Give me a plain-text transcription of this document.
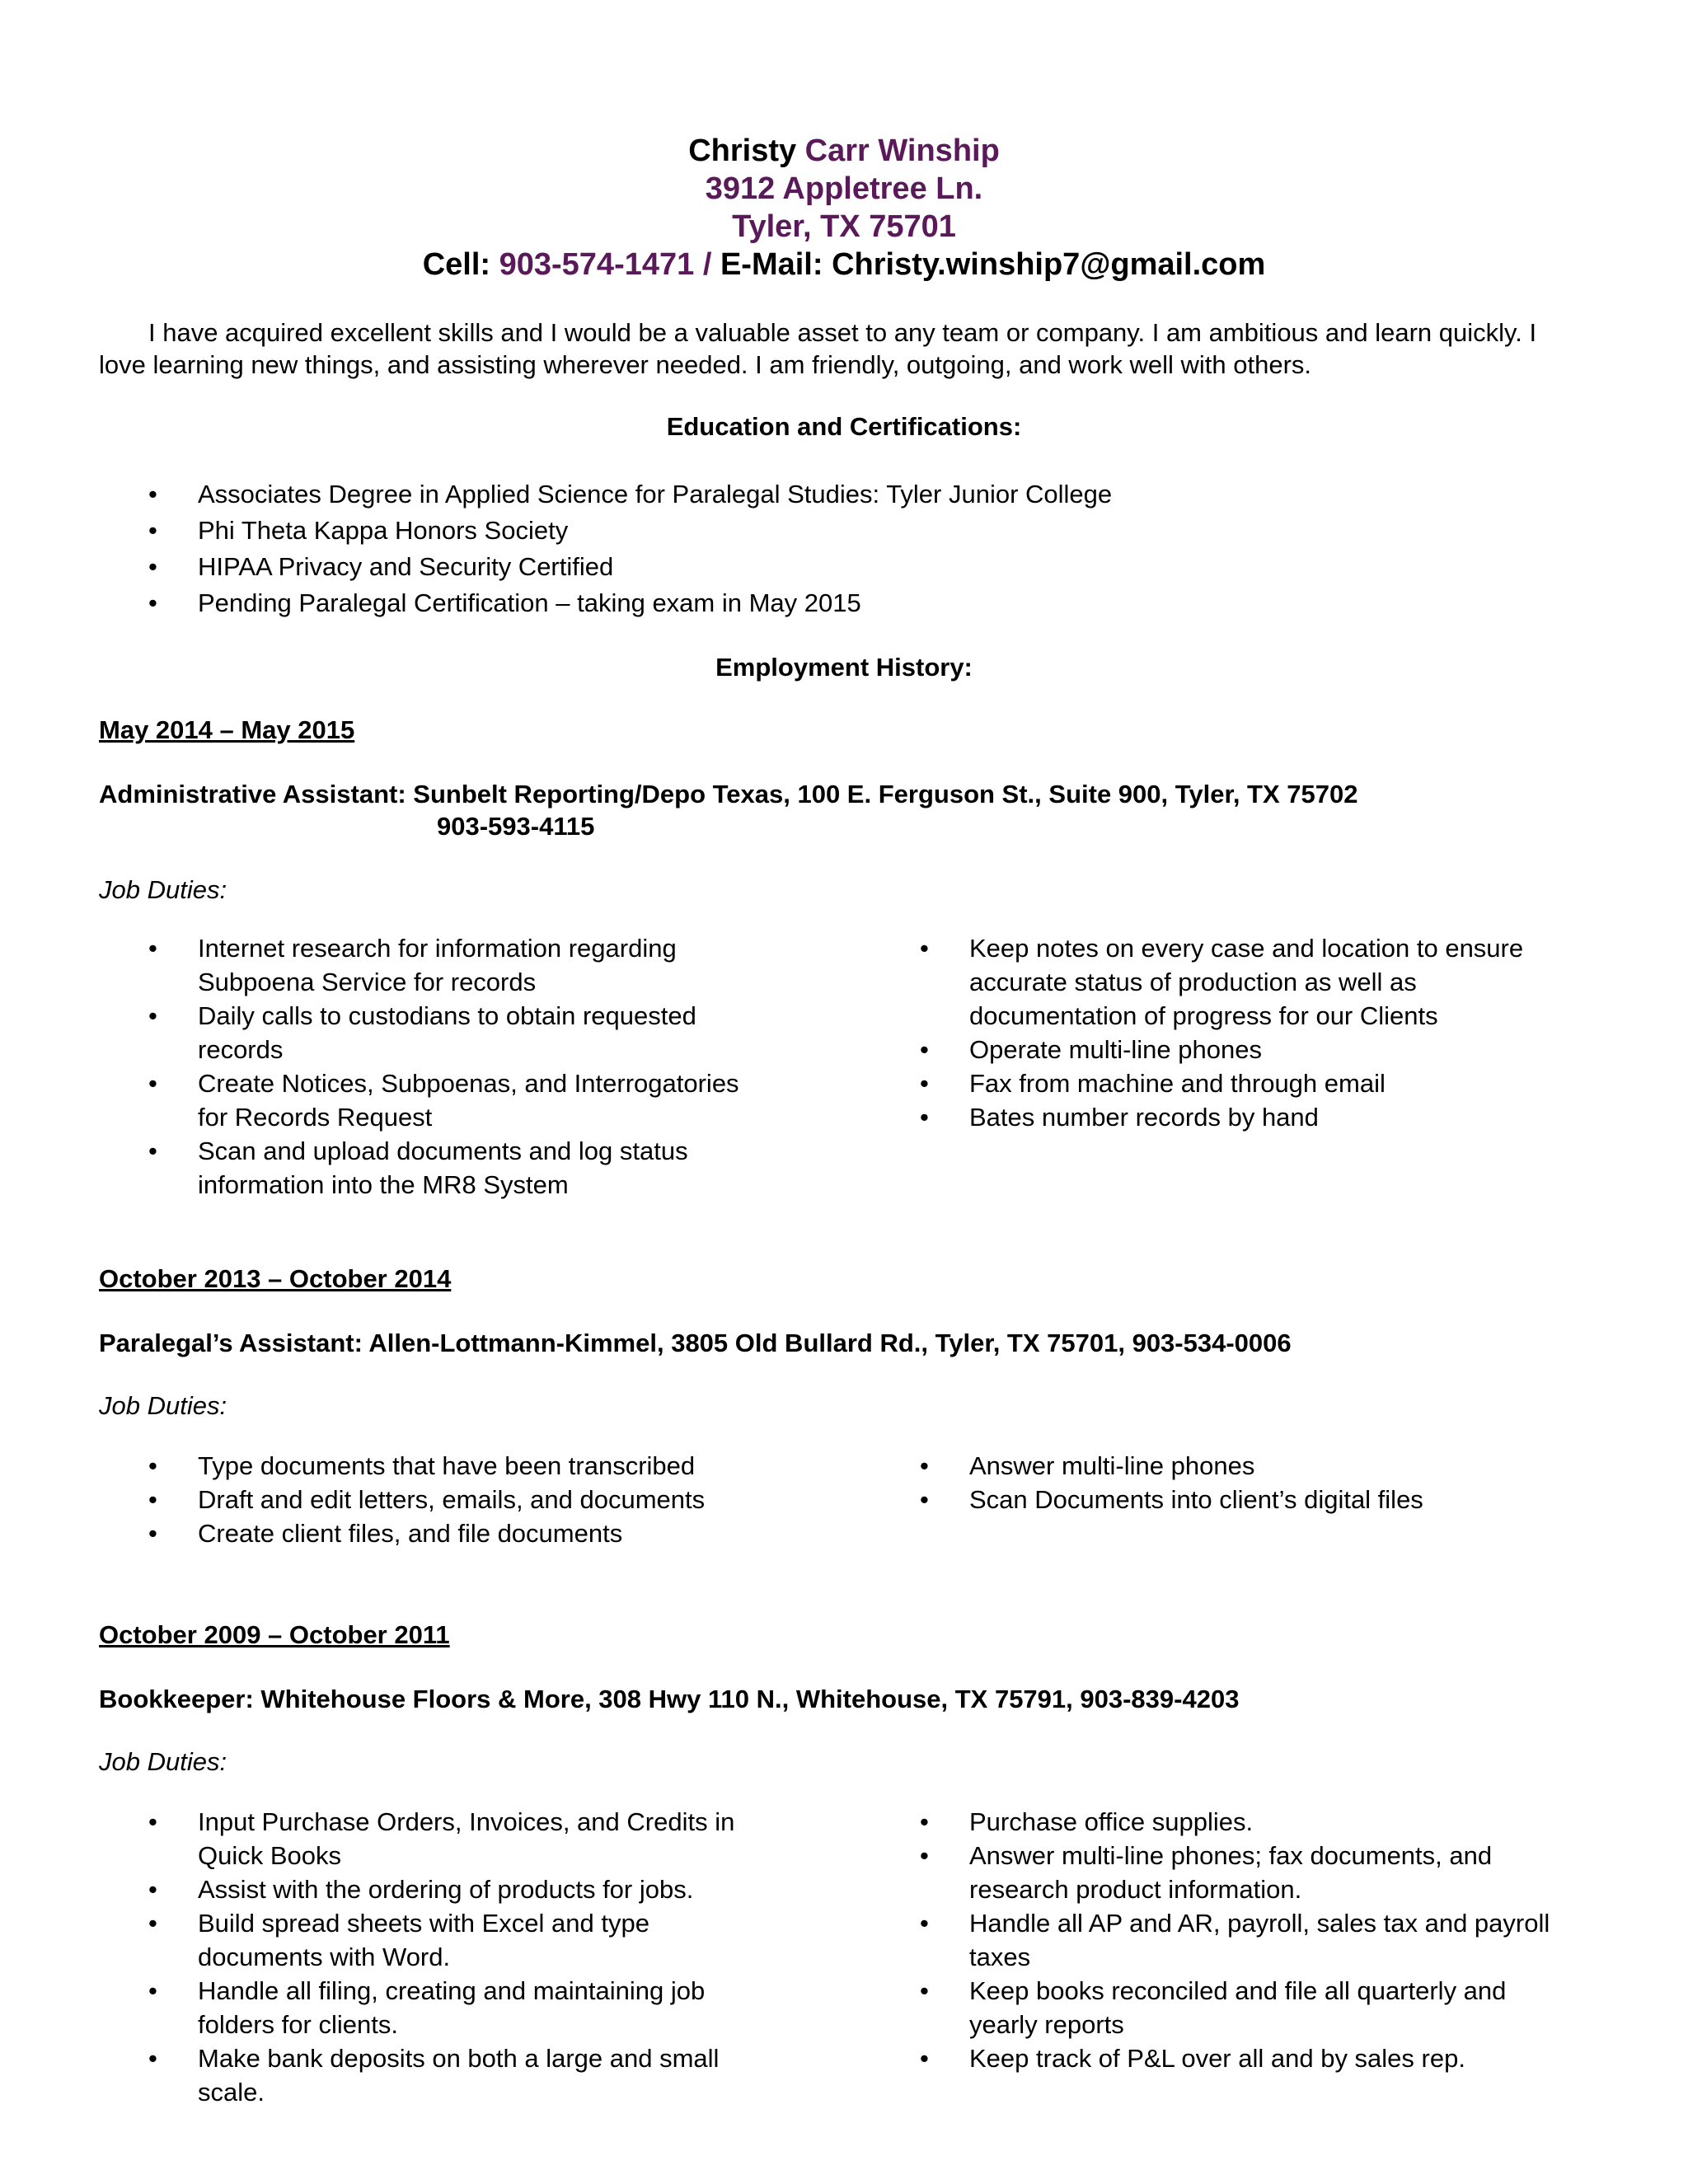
Christy Carr Winship
3912 Appletree Ln.
Tyler, TX 75701
Cell: 903-574-1471 / E-Mail: Christy.winship7@gmail.com
I have acquired excellent skills and I would be a valuable asset to any team or company. I am ambitious and learn quickly. I love learning new things, and assisting wherever needed. I am friendly, outgoing, and work well with others.
Education and Certifications:
• Associates Degree in Applied Science for Paralegal Studies: Tyler Junior College
• Phi Theta Kappa Honors Society
• HIPAA Privacy and Security Certified
• Pending Paralegal Certification – taking exam in May 2015
Employment History:
May 2014 – May 2015
Administrative Assistant: Sunbelt Reporting/Depo Texas, 100 E. Ferguson St., Suite 900, Tyler, TX 75702
903-593-4115
Job Duties:
• Internet research for information regarding Subpoena Service for records
• Daily calls to custodians to obtain requested records
• Create Notices, Subpoenas, and Interrogatories for Records Request
• Scan and upload documents and log status information into the MR8 System
• Keep notes on every case and location to ensure accurate status of production as well as documentation of progress for our Clients
• Operate multi-line phones
• Fax from machine and through email
• Bates number records by hand
October 2013 – October 2014
Paralegal’s Assistant: Allen-Lottmann-Kimmel, 3805 Old Bullard Rd., Tyler, TX 75701, 903-534-0006
Job Duties:
• Type documents that have been transcribed
• Draft and edit letters, emails, and documents
• Create client files, and file documents
• Answer multi-line phones
• Scan Documents into client’s digital files
October 2009 – October 2011
Bookkeeper: Whitehouse Floors & More, 308 Hwy 110 N., Whitehouse, TX 75791, 903-839-4203
Job Duties:
• Input Purchase Orders, Invoices, and Credits in Quick Books
• Assist with the ordering of products for jobs.
• Build spread sheets with Excel and type documents with Word.
• Handle all filing, creating and maintaining job folders for clients.
• Make bank deposits on both a large and small scale.
• Purchase office supplies.
• Answer multi-line phones; fax documents, and research product information.
• Handle all AP and AR, payroll, sales tax and payroll taxes
• Keep books reconciled and file all quarterly and yearly reports
• Keep track of P&L over all and by sales rep.
